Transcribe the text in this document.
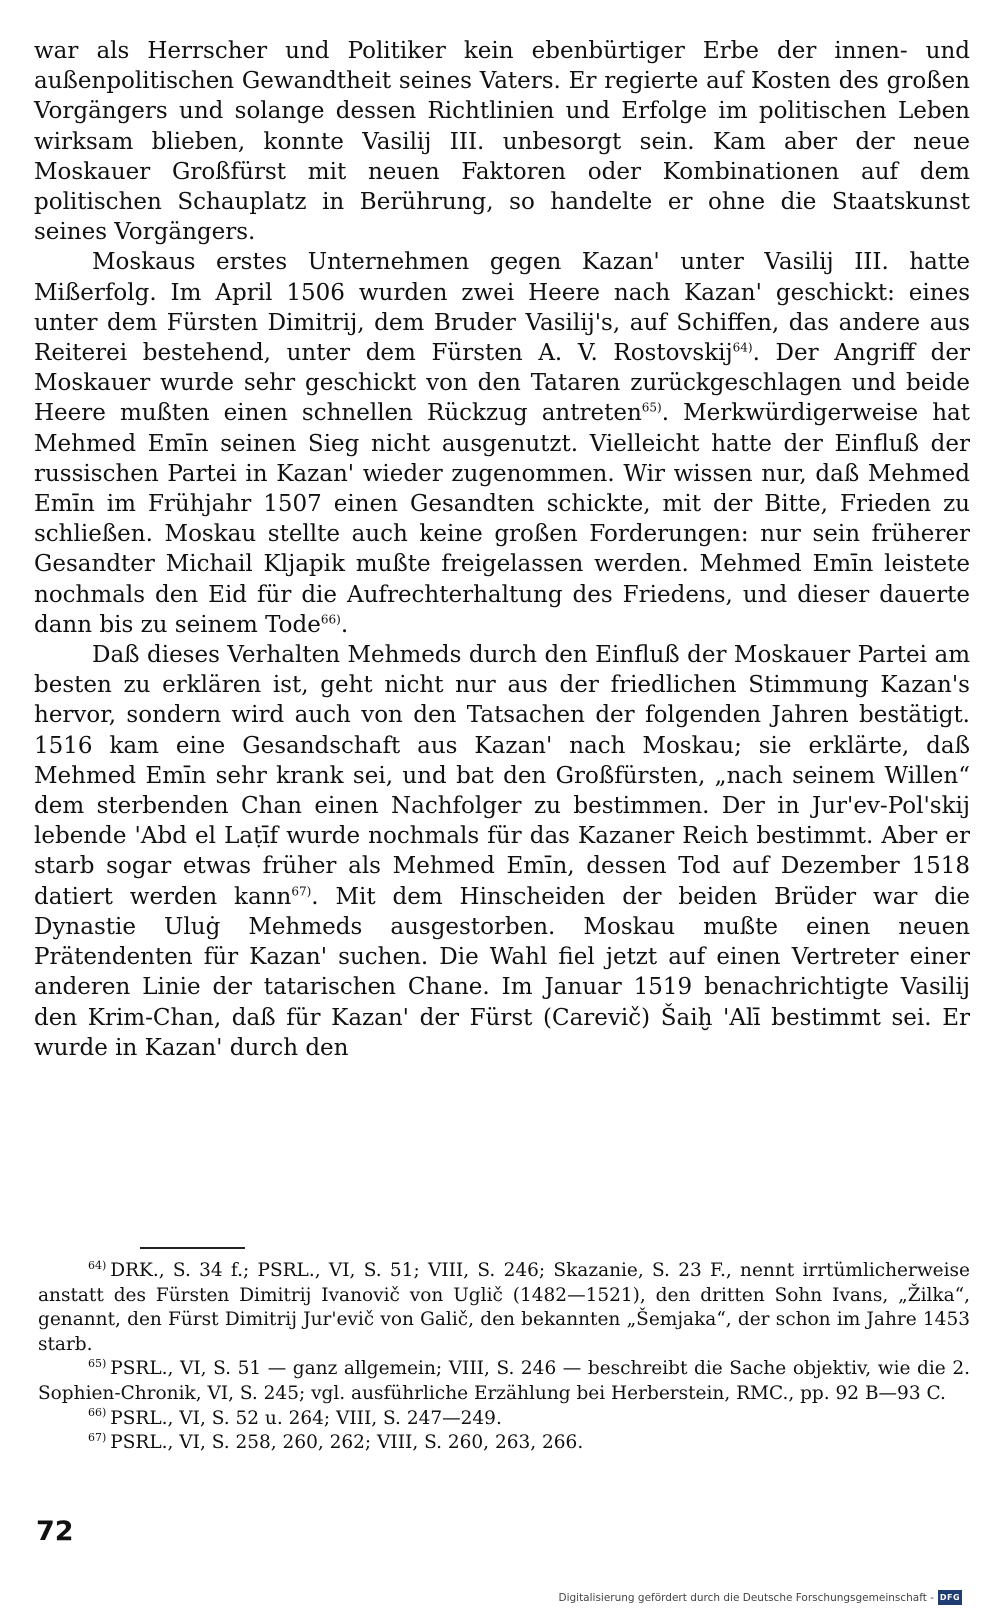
war als Herrscher und Politiker kein ebenbürtiger Erbe der innen- und außenpolitischen Gewandtheit seines Vaters. Er regierte auf Kosten des großen Vorgängers und solange dessen Richtlinien und Erfolge im politischen Leben wirksam blieben, konnte Vasilij III. unbesorgt sein. Kam aber der neue Moskauer Großfürst mit neuen Faktoren oder Kombinationen auf dem politischen Schauplatz in Berührung, so handelte er ohne die Staatskunst seines Vorgängers.

Moskaus erstes Unternehmen gegen Kazan' unter Vasilij III. hatte Mißerfolg. Im April 1506 wurden zwei Heere nach Kazan' geschickt: eines unter dem Fürsten Dimitrij, dem Bruder Vasilij's, auf Schiffen, das andere aus Reiterei bestehend, unter dem Fürsten A. V. Rostovskij$^{64)}$. Der Angriff der Moskauer wurde sehr geschickt von den Tataren zurückgeschlagen und beide Heere mußten einen schnellen Rückzug antreten$^{65)}$. Merkwürdigerweise hat Mehmed Emīn seinen Sieg nicht ausgenutzt. Vielleicht hatte der Einfluß der russischen Partei in Kazan' wieder zugenommen. Wir wissen nur, daß Mehmed Emīn im Frühjahr 1507 einen Gesandten schickte, mit der Bitte, Frieden zu schließen. Moskau stellte auch keine großen Forderungen: nur sein früherer Gesandter Michail Kljapik mußte freigelassen werden. Mehmed Emīn leistete nochmals den Eid für die Aufrechterhaltung des Friedens, und dieser dauerte dann bis zu seinem Tode$^{66)}$.

Daß dieses Verhalten Mehmeds durch den Einfluß der Moskauer Partei am besten zu erklären ist, geht nicht nur aus der friedlichen Stimmung Kazan's hervor, sondern wird auch von den Tatsachen der folgenden Jahren bestätigt. 1516 kam eine Gesandschaft aus Kazan' nach Moskau; sie erklärte, daß Mehmed Emīn sehr krank sei, und bat den Großfürsten, „nach seinem Willen“ dem sterbenden Chan einen Nachfolger zu bestimmen. Der in Jur'ev-Pol'skij lebende 'Abd el Laṭīf wurde nochmals für das Kazaner Reich bestimmt. Aber er starb sogar etwas früher als Mehmed Emīn, dessen Tod auf Dezember 1518 datiert werden kann$^{67)}$. Mit dem Hinscheiden der beiden Brüder war die Dynastie Uluġ Mehmeds ausgestorben. Moskau mußte einen neuen Prätendenten für Kazan' suchen. Die Wahl fiel jetzt auf einen Vertreter einer anderen Linie der tatarischen Chane. Im Januar 1519 benachrichtigte Vasilij den Krim-Chan, daß für Kazan' der Fürst (Carevič) Šaiḫ 'Alī bestimmt sei. Er wurde in Kazan' durch den

$^{64)}$ DRK., S. 34 f.; PSRL., VI, S. 51; VIII, S. 246; Skazanie, S. 23 F., nennt irrtümlicherweise anstatt des Fürsten Dimitrij Ivanovič von Uglič (1482—1521), den dritten Sohn Ivans, „Žilka“, genannt, den Fürst Dimitrij Jur'evič von Galič, den bekannten „Šemjaka“, der schon im Jahre 1453 starb.

$^{65)}$ PSRL., VI, S. 51 — ganz allgemein; VIII, S. 246 — beschreibt die Sache objektiv, wie die 2. Sophien-Chronik, VI, S. 245; vgl. ausführliche Erzählung bei Herberstein, RMC., pp. 92 B—93 C.

$^{66)}$ PSRL., VI, S. 52 u. 264; VIII, S. 247—249.

$^{67)}$ PSRL., VI, S. 258, 260, 262; VIII, S. 260, 263, 266.

72
Digitalisierung gefördert durch die Deutsche Forschungsgemeinschaft - DFG
